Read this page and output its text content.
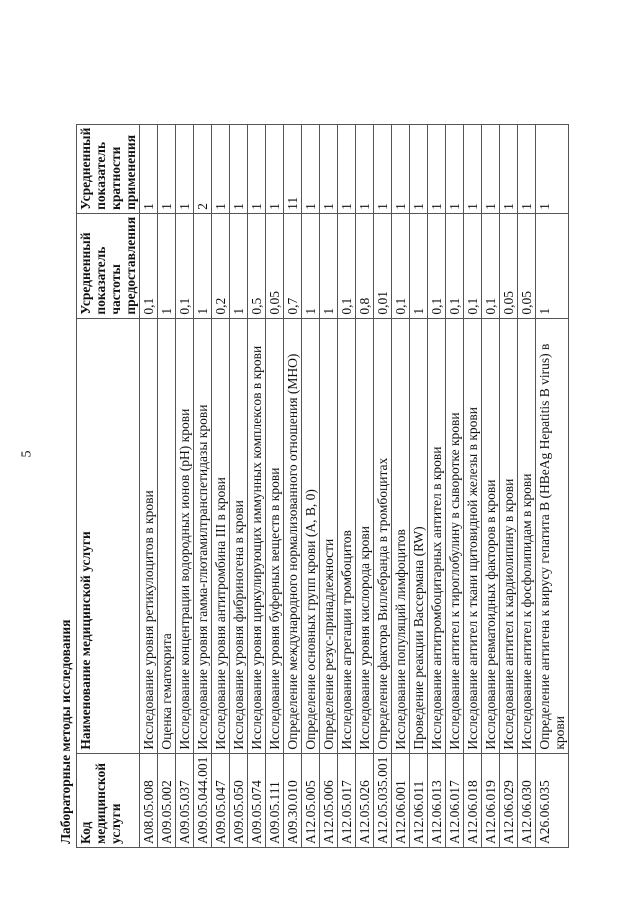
5
Лабораторные методы исследования Код медицинской услуги	Наименование медицинской услуги	Усредненный показатель частоты предоставления	Усредненный показатель кратности применения
A08.05.008	Исследование уровня ретикулоцитов в крови	0,1	1
A09.05.002	Оценка гематокрита	1	1
A09.05.037	Исследование концентрации водородных ионов (pH) крови	0,1	1
A09.05.044.001	Исследование уровня гамма-глютамилтранспетидазы крови	1	2
A09.05.047	Исследование уровня антитромбина III в крови	0,2	1
A09.05.050	Исследование уровня фибриногена в крови	1	1
A09.05.074	Исследование уровня циркулирующих иммунных комплексов в крови	0,5	1
A09.05.111	Исследование уровня буферных веществ в крови	0,05	1
A09.30.010	Определение международного нормализованного отношения (МНО)	0,7	11
A12.05.005	Определение основных групп крови (A, B, 0)	1	1
A12.05.006	Определение резус-принадлежности	1	1
A12.05.017	Исследование агрегации тромбоцитов	0,1	1
A12.05.026	Исследование уровня кислорода крови	0,8	1
A12.05.035.001	Определение фактора Виллебранда в тромбоцитах	0,01	1
A12.06.001	Исследование популяций лимфоцитов	0,1	1
A12.06.011	Проведение реакции Вассермана (RW)	1	1
A12.06.013	Исследование антитромбоцитарных антител в крови	0,1	1
A12.06.017	Исследование антител к тироглобулину в сыворотке крови	0,1	1
A12.06.018	Исследование антител к ткани щитовидной железы в крови	0,1	1
A12.06.019	Исследование ревматоидных факторов в крови	0,1	1
A12.06.029	Исследование антител к кардиолипину в крови	0,05	1
A12.06.030	Исследование антител к фосфолипидам в крови	0,05	1
A26.06.035	Определение антигена к вирусу гепатита B (HBeAg Hepatitis B virus) в крови	1	1
